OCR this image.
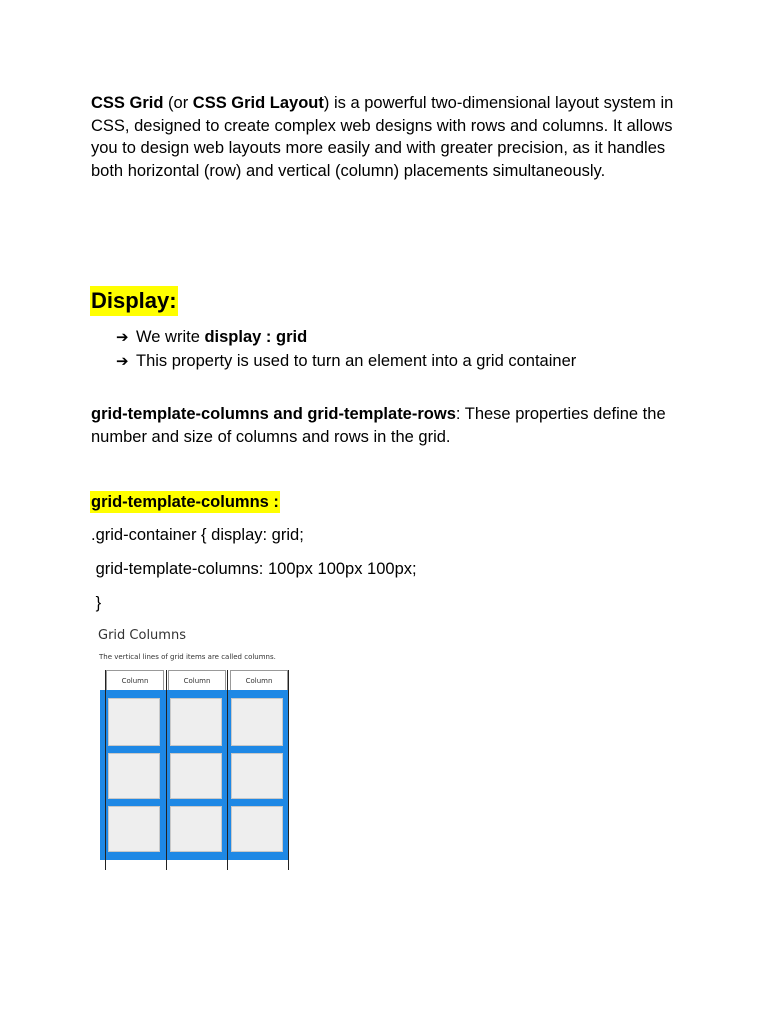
CSS Grid (or CSS Grid Layout) is a powerful two-dimensional layout system in CSS, designed to create complex web designs with rows and columns. It allows you to design web layouts more easily and with greater precision, as it handles both horizontal (row) and vertical (column) placements simultaneously.

Display:
➔ We write display : grid
➔ This property is used to turn an element into a grid container

grid-template-columns and grid-template-rows: These properties define the number and size of columns and rows in the grid.

grid-template-columns :

.grid-container { display: grid;

grid-template-columns: 100px 100px 100px;

}

Grid Columns
The vertical lines of grid items are called columns.
Column	Column	Column
